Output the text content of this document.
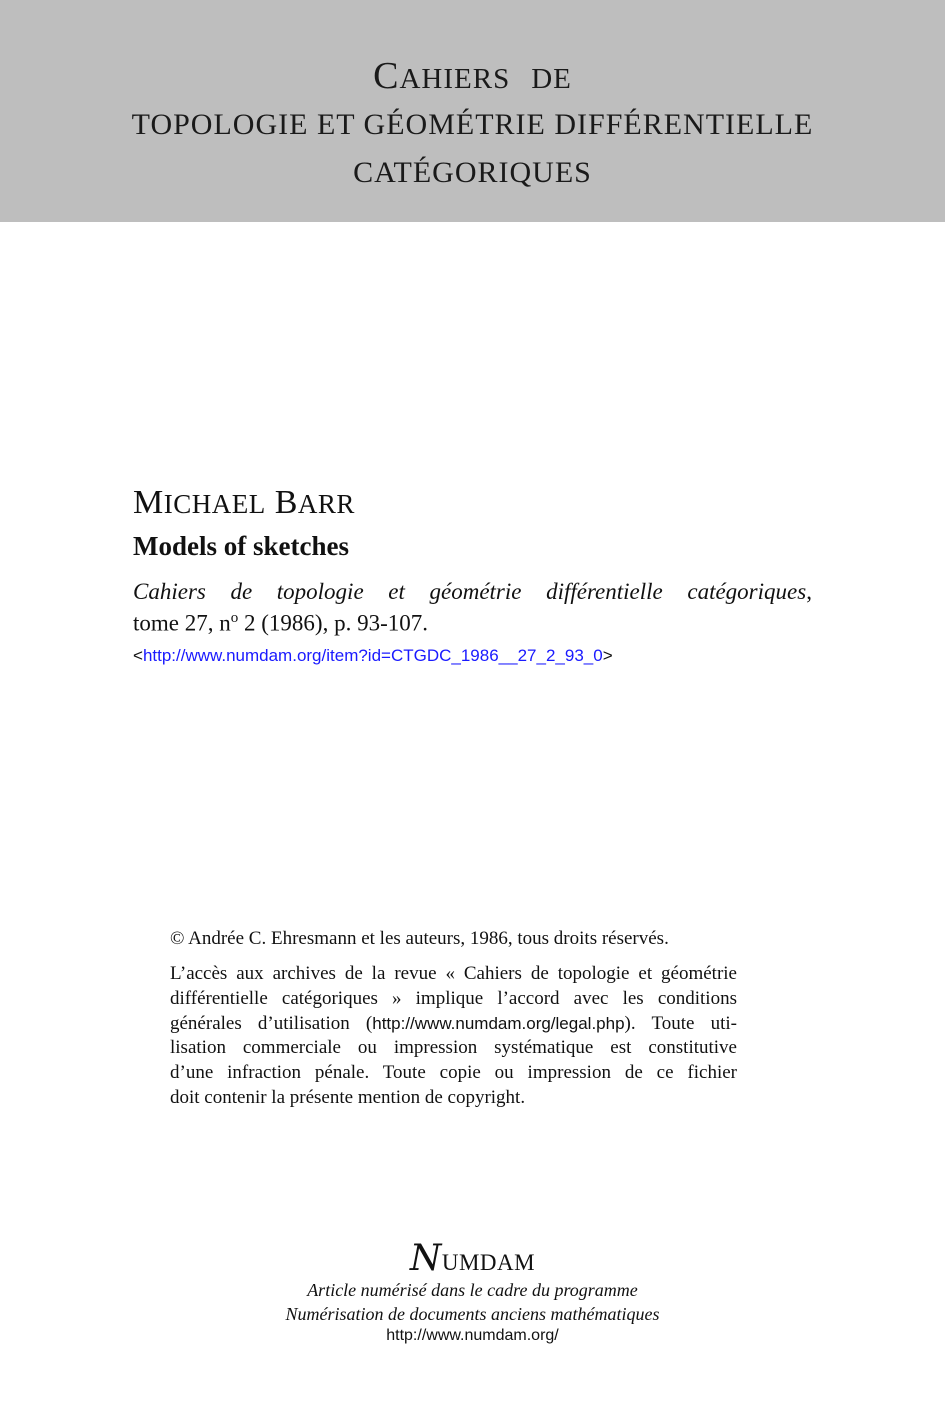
CAHIERS DE
TOPOLOGIE ET GÉOMÉTRIE DIFFÉRENTIELLE
CATÉGORIQUES
MICHAEL BARR
Models of sketches
Cahiers de topologie et géométrie différentielle catégoriques ,
tome 27, $n^o$ 2 (1986), p. 93-107.
<http://www.numdam.org/item?id=CTGDC_1986__27_2_93_0>
© Andrée C. Ehresmann et les auteurs, 1986, tous droits réservés.
L’accès aux archives de la revue « Cahiers de topologie et géométrie
différentielle catégoriques » implique l’accord avec les conditions
générales d’utilisation (http://www.numdam.org/legal.php). Toute uti-
lisation commerciale ou impression systématique est constitutive
d’une infraction pénale. Toute copie ou impression de ce fichier
doit contenir la présente mention de copyright.
NUMDAM
Article numérisé dans le cadre du programme
Numérisation de documents anciens mathématiques
http://www.numdam.org/
